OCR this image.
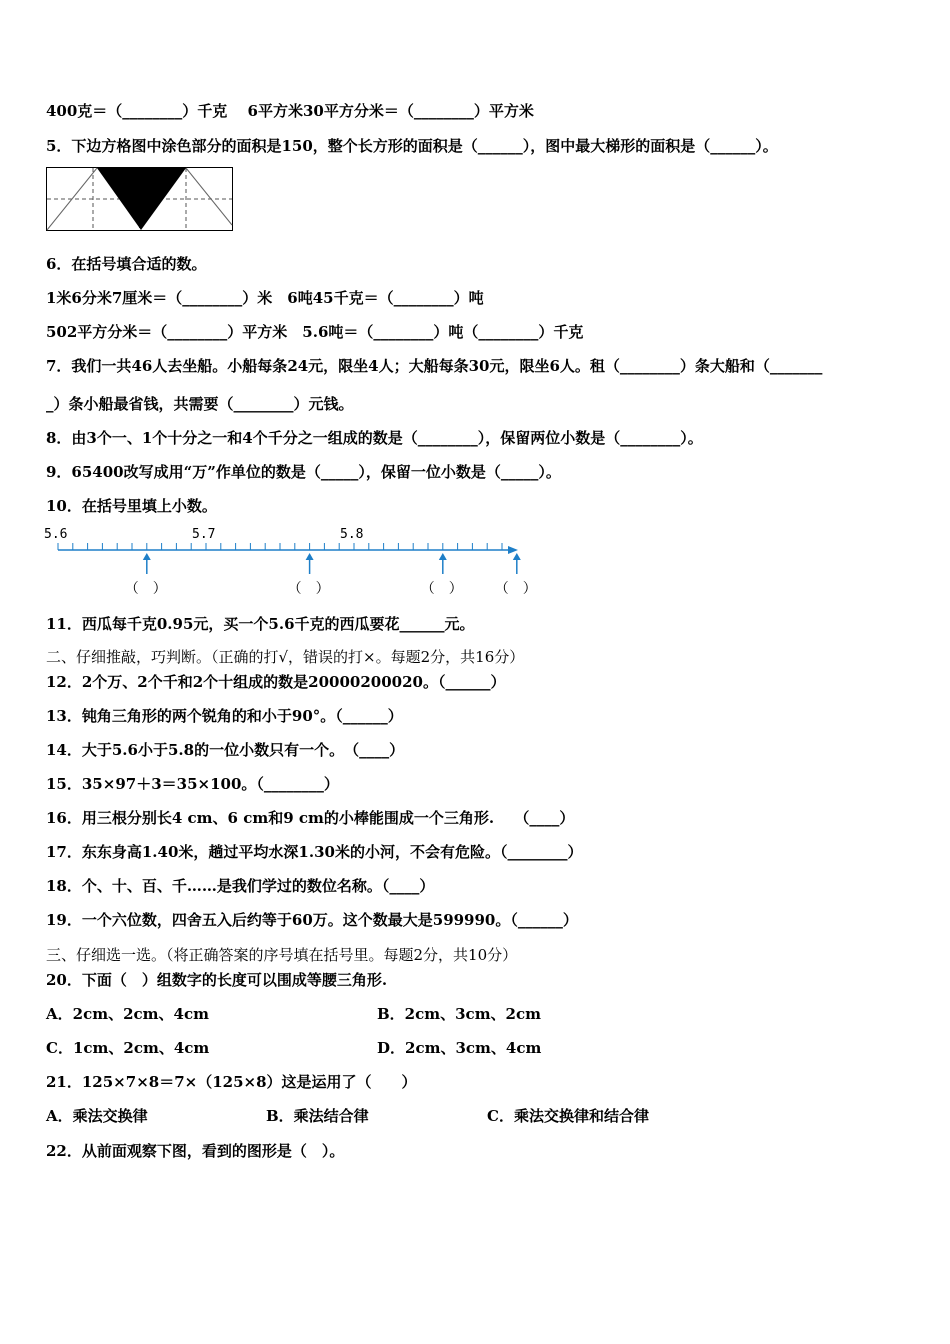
400克＝（________）千克　 6平方米30平方分米＝（________）平方米
5．下边方格图中涂色部分的面积是150，整个长方形的面积是（______），图中最大梯形的面积是（______）。
6．在括号填合适的数。
1米6分米7厘米＝（________）米　6吨45千克＝（________）吨
502平方分米＝（________）平方米　5.6吨＝（________）吨（________）千克
7．我们一共46人去坐船。小船每条24元，限坐4人；大船每条30元，限坐6人。租（________）条大船和（_______
_）条小船最省钱，共需要（________）元钱。
8．由3个一、1个十分之一和4个千分之一组成的数是（________），保留两位小数是（________）。
9．65400改写成用“万”作单位的数是（_____），保留一位小数是（_____）。
10．在括号里填上小数。
5.6	5.7	5.8
（　）	（　）	（　） （　）
11．西瓜每千克0.95元，买一个5.6千克的西瓜要花______元。
二、仔细推敲，巧判断。（正确的打√，错误的打×。每题2分，共16分）
12．2个万、2个千和2个十组成的数是20000200020。（______）
13．钝角三角形的两个锐角的和小于90°。（______）
14．大于5.6小于5.8的一位小数只有一个。　（____）
15．35×97＋3＝35×100。（________）
16．用三根分别长4 cm、6 cm和9 cm的小棒能围成一个三角形.　 （____）
17．东东身高1.40米，趟过平均水深1.30米的小河，不会有危险。（________）
18．个、十、百、千……是我们学过的数位名称。（____）
19．一个六位数，四舍五入后约等于60万。这个数最大是599990。（______）
三、仔细选一选。（将正确答案的序号填在括号里。每题2分，共10分）
20．下面（　）组数字的长度可以围成等腰三角形.
A．2cm、2cm、4cm	B．2cm、3cm、2cm
C．1cm、2cm、4cm	D．2cm、3cm、4cm
21．125×7×8＝7×（125×8）这是运用了（　　）
A．乘法交换律	B．乘法结合律	C．乘法交换律和结合律
22．从前面观察下图，看到的图形是（　）。
